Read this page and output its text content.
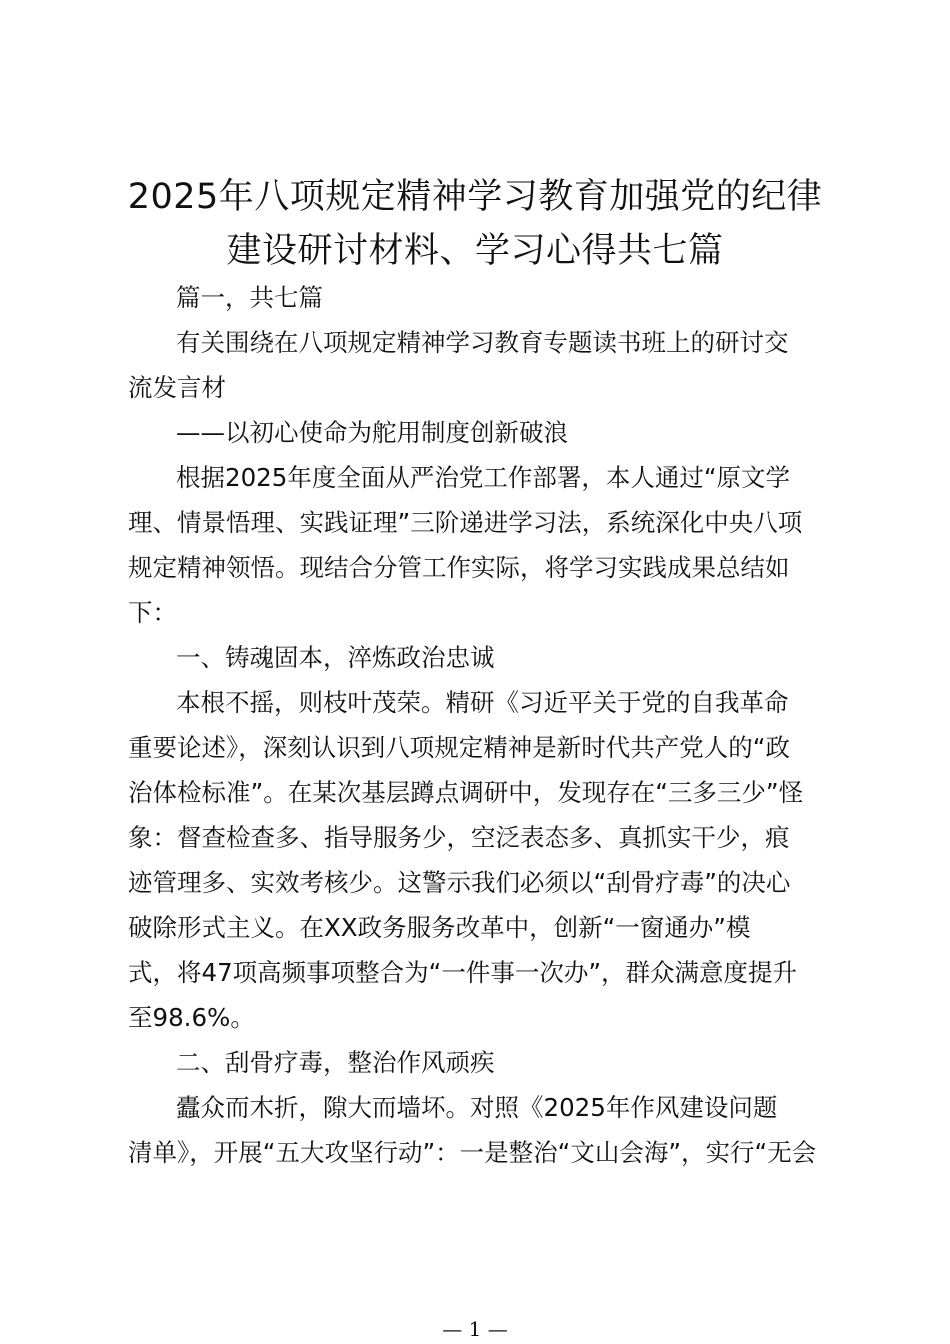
2025年八项规定精神学习教育加强党的纪律
建设研讨材料、学习心得共七篇
篇一，共七篇
有关围绕在八项规定精神学习教育专题读书班上的研讨交
流发言材
——以初心使命为舵用制度创新破浪
根据2025年度全面从严治党工作部署，本人通过“原文学
理、情景悟理、实践证理”三阶递进学习法，系统深化中央八项
规定精神领悟。现结合分管工作实际，将学习实践成果总结如
下：
一、铸魂固本，淬炼政治忠诚
本根不摇，则枝叶茂荣。精研《习近平关于党的自我革命
重要论述》，深刻认识到八项规定精神是新时代共产党人的“政
治体检标准”。在某次基层蹲点调研中，发现存在“三多三少”怪
象：督查检查多、指导服务少，空泛表态多、真抓实干少，痕
迹管理多、实效考核少。这警示我们必须以“刮骨疗毒”的决心
破除形式主义。在XX政务服务改革中，创新“一窗通办”模
式，将47项高频事项整合为“一件事一次办”，群众满意度提升
至98.6%。
二、刮骨疗毒，整治作风顽疾
蠹众而木折，隙大而墙坏。对照《2025年作风建设问题
清单》，开展“五大攻坚行动”：一是整治“文山会海”，实行“无会
— 1 —
